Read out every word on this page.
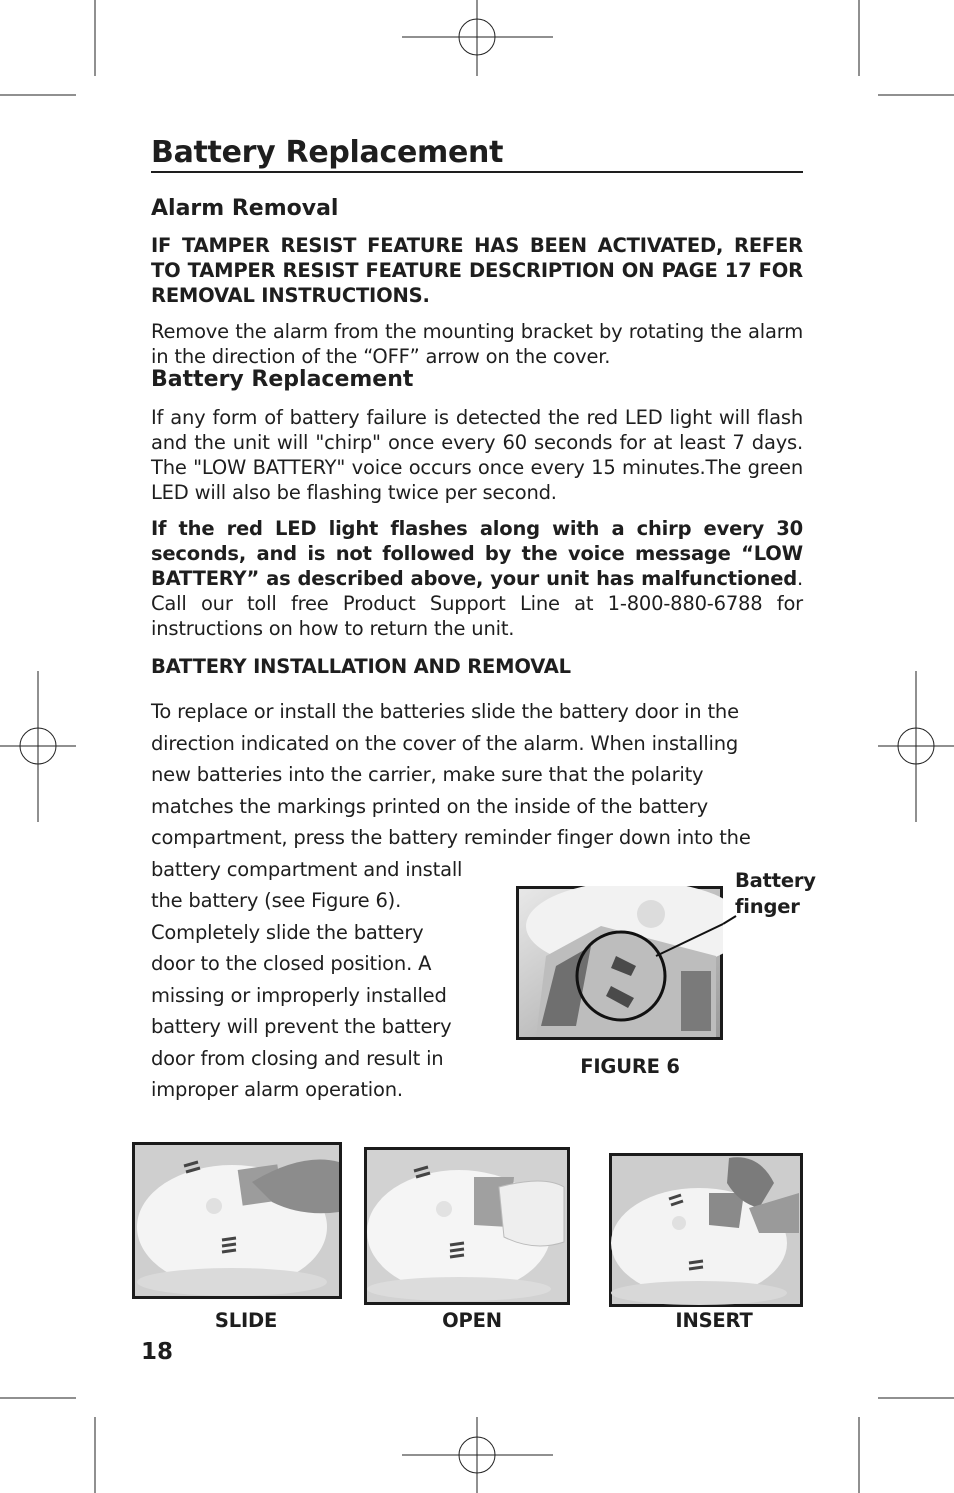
Battery Replacement
Alarm Removal

IF TAMPER RESIST FEATURE HAS BEEN ACTIVATED, REFER TO TAMPER RESIST FEATURE DESCRIPTION ON PAGE 17 FOR REMOVAL INSTRUCTIONS.

Remove the alarm from the mounting bracket by rotating the alarm in the direction of the “OFF” arrow on the cover.

Battery Replacement

If any form of battery failure is detected the red LED light will flash and the unit will "chirp" once every 60 seconds for at least 7 days. The "LOW BATTERY" voice occurs once every 15 minutes.The green LED will also be flashing twice per second.

If the red LED light flashes along with a chirp every 30 seconds, and is not followed by the voice message “LOW BATTERY” as described above, your unit has malfunctioned. Call our toll free Product Support Line at 1-800-880-6788 for instructions on how to return the unit.

BATTERY INSTALLATION AND REMOVAL

To replace or install the batteries slide the battery door in the
direction indicated on the cover of the alarm. When installing
new batteries into the carrier, make sure that the polarity
matches the markings printed on the inside of the battery
compartment, press the battery reminder finger down into the
battery compartment and install
the battery (see Figure 6).
Completely slide the battery
door to the closed position. A
missing or improperly installed
battery will prevent the battery
door from closing and result in
improper alarm operation.
Battery
finger
FIGURE 6
SLIDE	OPEN	INSERT
18
